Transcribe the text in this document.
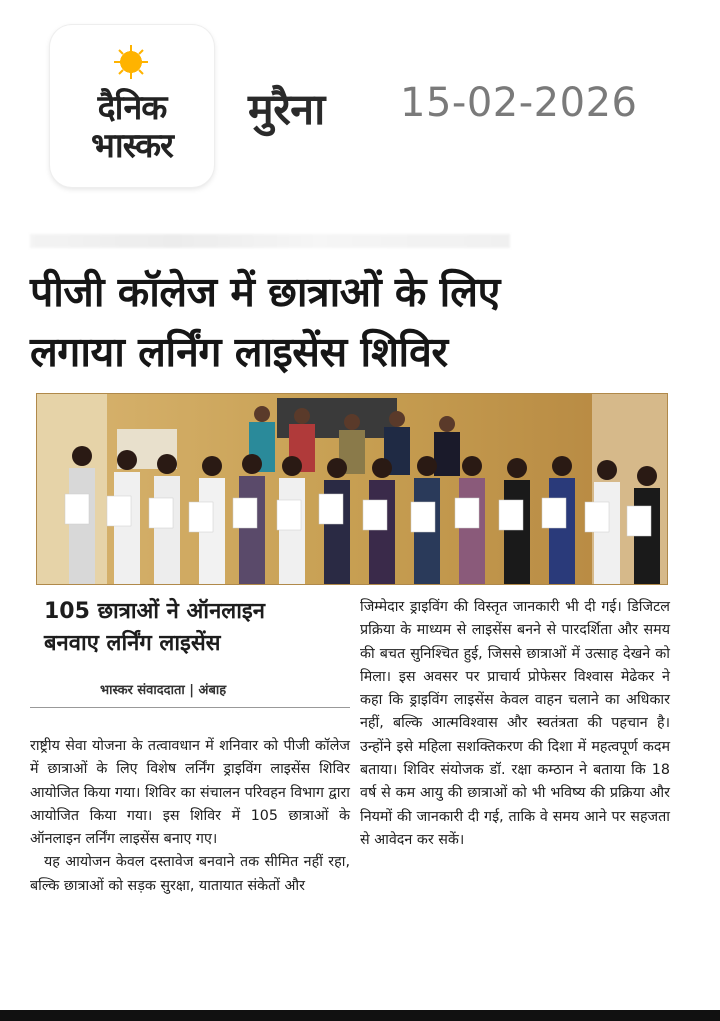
दैनिक
भास्कर
मुरैना 15-02-2026
पीजी कॉलेज में छात्राओं के लिए
लगाया लर्निंग लाइसेंस शिविर
105 छात्राओं ने ऑनलाइन
बनवाए लर्निंग लाइसेंस
भास्कर संवाददाता | अंबाह

राष्ट्रीय सेवा योजना के तत्वावधान में शनिवार को पीजी कॉलेज में छात्राओं के लिए विशेष लर्निंग ड्राइविंग लाइसेंस शिविर आयोजित किया गया। शिविर का संचालन परिवहन विभाग द्वारा आयोजित किया गया। इस शिविर में 105 छात्राओं के ऑनलाइन लर्निंग लाइसेंस बनाए गए।

यह आयोजन केवल दस्तावेज बनवाने तक सीमित नहीं रहा, बल्कि छात्राओं को सड़क सुरक्षा, यातायात संकेतों और

जिम्मेदार ड्राइविंग की विस्तृत जानकारी भी दी गई। डिजिटल प्रक्रिया के माध्यम से लाइसेंस बनने से पारदर्शिता और समय की बचत सुनिश्चित हुई, जिससे छात्राओं में उत्साह देखने को मिला। इस अवसर पर प्राचार्य प्रोफेसर विश्वास मेढेकर ने कहा कि ड्राइविंग लाइसेंस केवल वाहन चलाने का अधिकार नहीं, बल्कि आत्मविश्वास और स्वतंत्रता की पहचान है। उन्होंने इसे महिला सशक्तिकरण की दिशा में महत्वपूर्ण कदम बताया। शिविर संयोजक डॉ. रक्षा कम्ठान ने बताया कि 18 वर्ष से कम आयु की छात्राओं को भी भविष्य की प्रक्रिया और नियमों की जानकारी दी गई, ताकि वे समय आने पर सहजता से आवेदन कर सकें।
